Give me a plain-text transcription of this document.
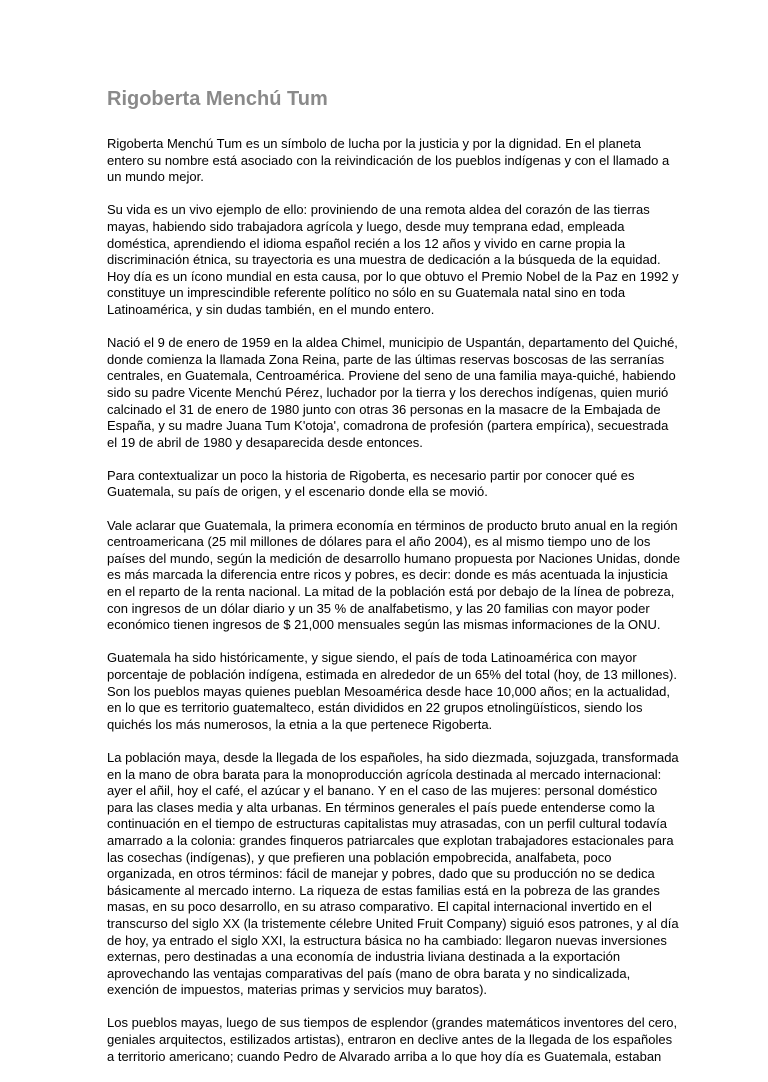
Rigoberta Menchú Tum

Rigoberta Menchú Tum es un símbolo de lucha por la justicia y por la dignidad. En el planeta
entero su nombre está asociado con la reivindicación de los pueblos indígenas y con el llamado a
un mundo mejor.

Su vida es un vivo ejemplo de ello: proviniendo de una remota aldea del corazón de las tierras
mayas, habiendo sido trabajadora agrícola y luego, desde muy temprana edad, empleada
doméstica, aprendiendo el idioma español recién a los 12 años y vivido en carne propia la
discriminación étnica, su trayectoria es una muestra de dedicación a la búsqueda de la equidad.
Hoy día es un ícono mundial en esta causa, por lo que obtuvo el Premio Nobel de la Paz en 1992 y
constituye un imprescindible referente político no sólo en su Guatemala natal sino en toda
Latinoamérica, y sin dudas también, en el mundo entero.

Nació el 9 de enero de 1959 en la aldea Chimel, municipio de Uspantán, departamento del Quiché,
donde comienza la llamada Zona Reina, parte de las últimas reservas boscosas de las serranías
centrales, en Guatemala, Centroamérica. Proviene del seno de una familia maya-quiché, habiendo
sido su padre Vicente Menchú Pérez, luchador por la tierra y los derechos indígenas, quien murió
calcinado el 31 de enero de 1980 junto con otras 36 personas en la masacre de la Embajada de
España, y su madre Juana Tum K'otoja', comadrona de profesión (partera empírica), secuestrada
el 19 de abril de 1980 y desaparecida desde entonces.

Para contextualizar un poco la historia de Rigoberta, es necesario partir por conocer qué es
Guatemala, su país de origen, y el escenario donde ella se movió.

Vale aclarar que Guatemala, la primera economía en términos de producto bruto anual en la región
centroamericana (25 mil millones de dólares para el año 2004), es al mismo tiempo uno de los
países del mundo, según la medición de desarrollo humano propuesta por Naciones Unidas, donde
es más marcada la diferencia entre ricos y pobres, es decir: donde es más acentuada la injusticia
en el reparto de la renta nacional. La mitad de la población está por debajo de la línea de pobreza,
con ingresos de un dólar diario y un 35 % de analfabetismo, y las 20 familias con mayor poder
económico tienen ingresos de $ 21,000 mensuales según las mismas informaciones de la ONU.

Guatemala ha sido históricamente, y sigue siendo, el país de toda Latinoamérica con mayor
porcentaje de población indígena, estimada en alrededor de un 65% del total (hoy, de 13 millones).
Son los pueblos mayas quienes pueblan Mesoamérica desde hace 10,000 años; en la actualidad,
en lo que es territorio guatemalteco, están divididos en 22 grupos etnolingüísticos, siendo los
quichés los más numerosos, la etnia a la que pertenece Rigoberta.

La población maya, desde la llegada de los españoles, ha sido diezmada, sojuzgada, transformada
en la mano de obra barata para la monoproducción agrícola destinada al mercado internacional:
ayer el añil, hoy el café, el azúcar y el banano. Y en el caso de las mujeres: personal doméstico
para las clases media y alta urbanas. En términos generales el país puede entenderse como la
continuación en el tiempo de estructuras capitalistas muy atrasadas, con un perfil cultural todavía
amarrado a la colonia: grandes finqueros patriarcales que explotan trabajadores estacionales para
las cosechas (indígenas), y que prefieren una población empobrecida, analfabeta, poco
organizada, en otros términos: fácil de manejar y pobres, dado que su producción no se dedica
básicamente al mercado interno. La riqueza de estas familias está en la pobreza de las grandes
masas, en su poco desarrollo, en su atraso comparativo. El capital internacional invertido en el
transcurso del siglo XX (la tristemente célebre United Fruit Company) siguió esos patrones, y al día
de hoy, ya entrado el siglo XXI, la estructura básica no ha cambiado: llegaron nuevas inversiones
externas, pero destinadas a una economía de industria liviana destinada a la exportación
aprovechando las ventajas comparativas del país (mano de obra barata y no sindicalizada,
exención de impuestos, materias primas y servicios muy baratos).

Los pueblos mayas, luego de sus tiempos de esplendor (grandes matemáticos inventores del cero,
geniales arquitectos, estilizados artistas), entraron en declive antes de la llegada de los españoles
a territorio americano; cuando Pedro de Alvarado arriba a lo que hoy día es Guatemala, estaban
